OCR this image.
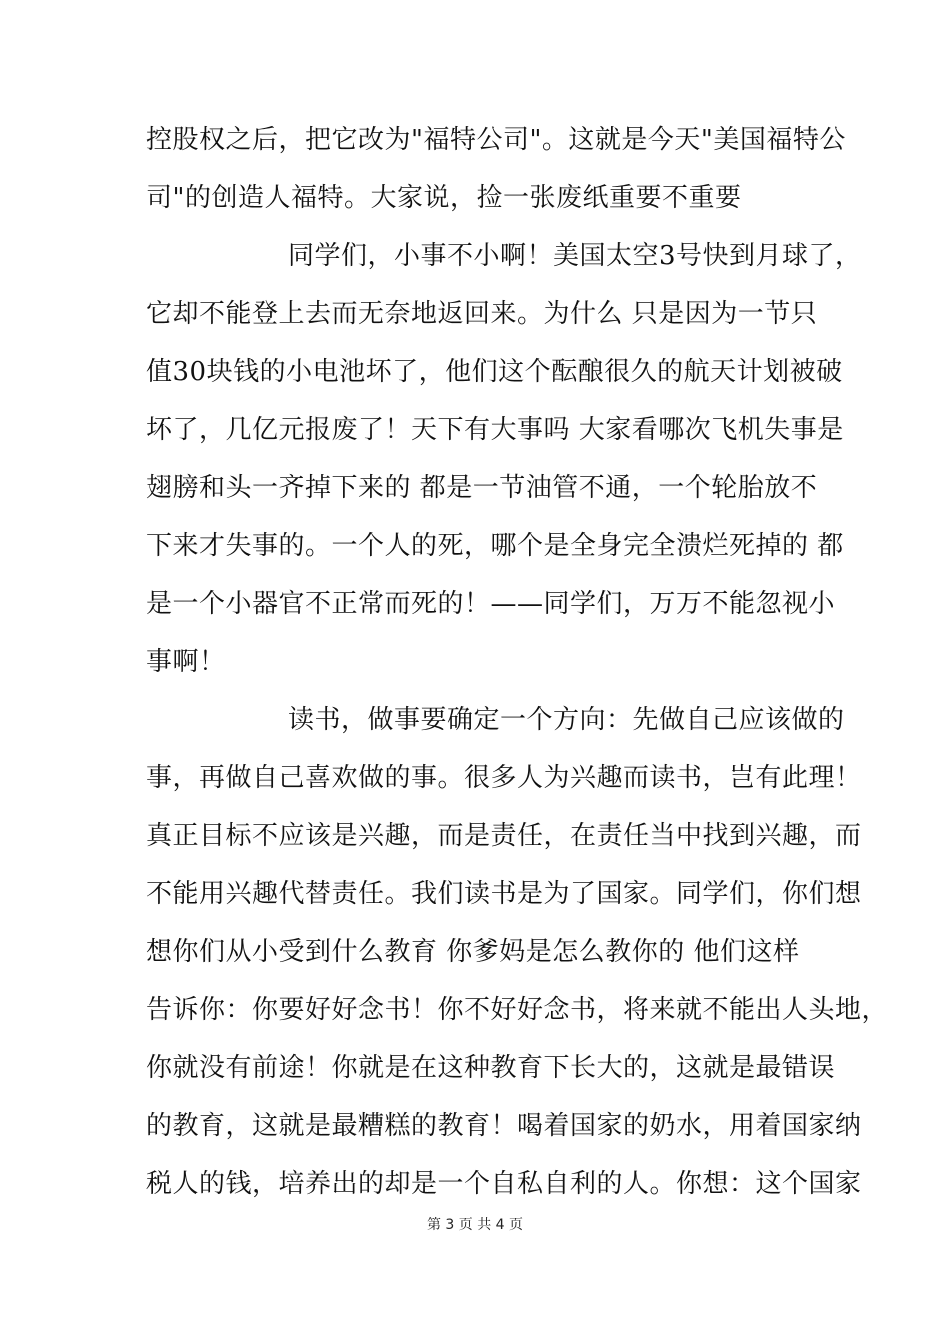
控股权之后，把它改为"福特公司"。这就是今天"美国福特公
司"的创造人福特。大家说，捡一张废纸重要不重要
同学们，小事不小啊！美国太空3号快到月球了，
它却不能登上去而无奈地返回来。为什么 只是因为一节只
值30块钱的小电池坏了，他们这个酝酿很久的航天计划被破
坏了，几亿元报废了！天下有大事吗 大家看哪次飞机失事是
翅膀和头一齐掉下来的 都是一节油管不通，一个轮胎放不
下来才失事的。一个人的死，哪个是全身完全溃烂死掉的 都
是一个小器官不正常而死的！——同学们，万万不能忽视小
事啊！
读书，做事要确定一个方向：先做自己应该做的
事，再做自己喜欢做的事。很多人为兴趣而读书，岂有此理！
真正目标不应该是兴趣，而是责任，在责任当中找到兴趣，而
不能用兴趣代替责任。我们读书是为了国家。同学们，你们想
想你们从小受到什么教育 你爹妈是怎么教你的 他们这样
告诉你：你要好好念书！你不好好念书，将来就不能出人头地，
你就没有前途！你就是在这种教育下长大的，这就是最错误
的教育，这就是最糟糕的教育！喝着国家的奶水，用着国家纳
税人的钱，培养出的却是一个自私自利的人。你想：这个国家
第 3 页 共 4 页
